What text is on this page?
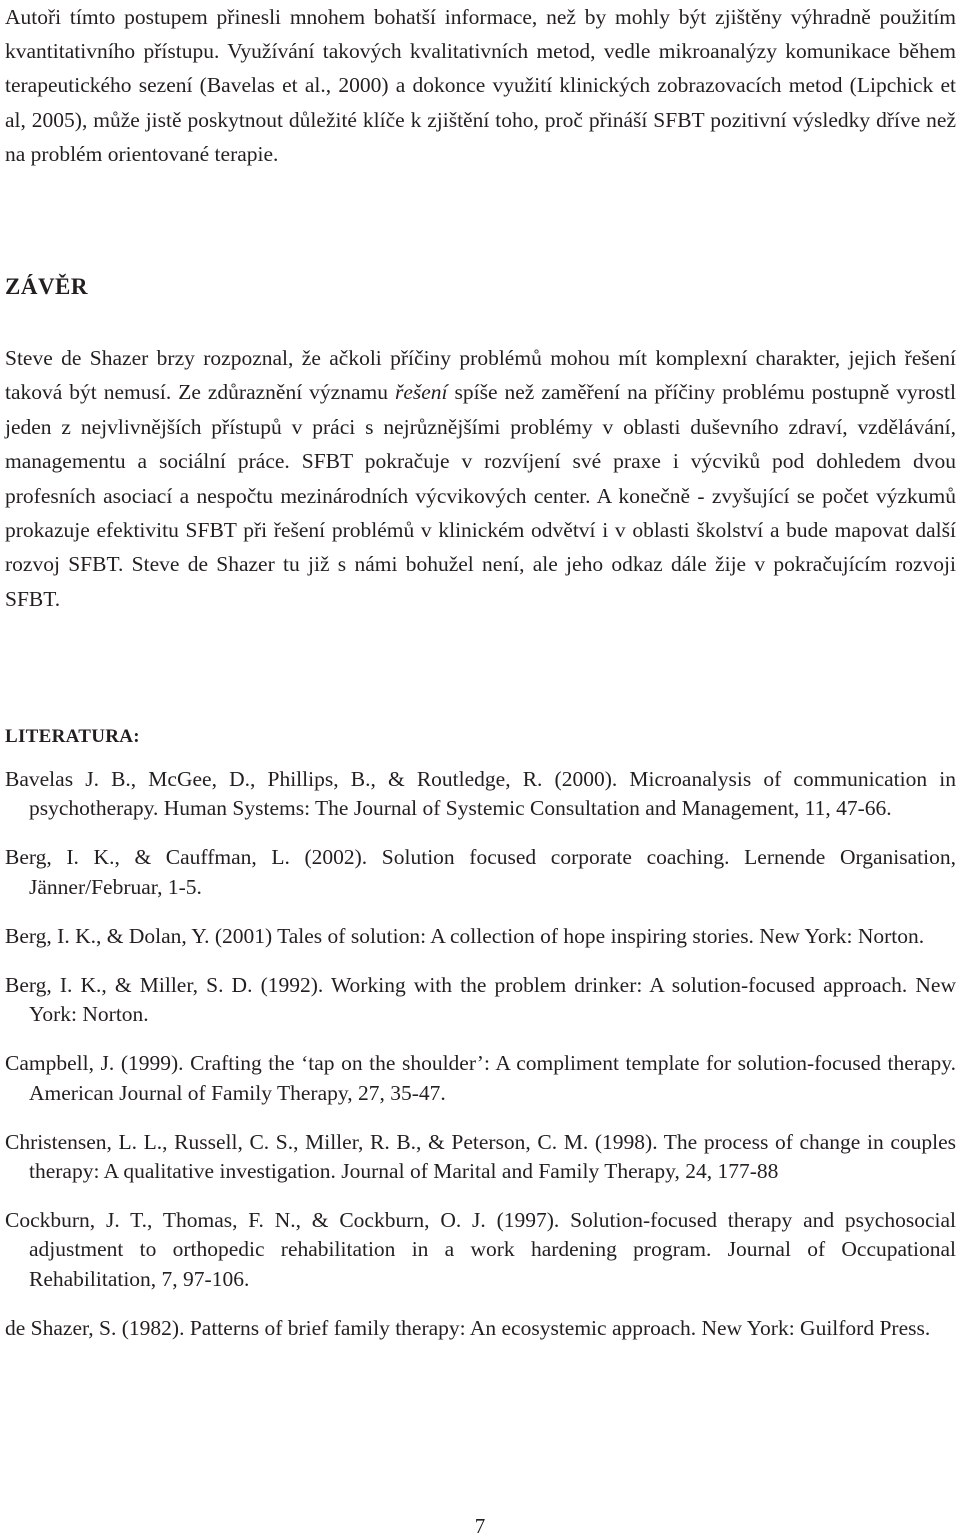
Autoři tímto postupem přinesli mnohem bohatší informace, než by mohly být zjištěny výhradně použitím kvantitativního přístupu. Využívání takových kvalitativních metod, vedle mikroanalýzy komunikace během terapeutického sezení (Bavelas et al., 2000) a dokonce využití klinických zobrazovacích metod (Lipchick et al, 2005), může jistě poskytnout důležité klíče k zjištění toho, proč přináší SFBT pozitivní výsledky dříve než na problém orientované terapie.

ZÁVĚR

Steve de Shazer brzy rozpoznal, že ačkoli příčiny problémů mohou mít komplexní charakter, jejich řešení taková být nemusí. Ze zdůraznění významu řešení spíše než zaměření na příčiny problému postupně vyrostl jeden z nejvlivnějších přístupů v práci s nejrůznějšími problémy v oblasti duševního zdraví, vzdělávání, managementu a sociální práce. SFBT pokračuje v rozvíjení své praxe i výcviků pod dohledem dvou profesních asociací a nespočtu mezinárodních výcvikových center. A konečně - zvyšující se počet výzkumů prokazuje efektivitu SFBT při řešení problémů v klinickém odvětví i v oblasti školství a bude mapovat další rozvoj SFBT. Steve de Shazer tu již s námi bohužel není, ale jeho odkaz dále žije v pokračujícím rozvoji SFBT.

LITERATURA:
Bavelas J. B., McGee, D., Phillips, B., & Routledge, R. (2000). Microanalysis of communication in psychotherapy. Human Systems: The Journal of Systemic Consultation and Management, 11, 47-66.
Berg, I. K., & Cauffman, L. (2002). Solution focused corporate coaching. Lernende Organisation, Jänner/Februar, 1-5.
Berg, I. K., & Dolan, Y. (2001) Tales of solution: A collection of hope inspiring stories. New York: Norton.
Berg, I. K., & Miller, S. D. (1992). Working with the problem drinker: A solution-focused approach. New York: Norton.
Campbell, J. (1999). Crafting the ‘tap on the shoulder’: A compliment template for solution-focused therapy. American Journal of Family Therapy, 27, 35-47.
Christensen, L. L., Russell, C. S., Miller, R. B., & Peterson, C. M. (1998). The process of change in couples therapy: A qualitative investigation. Journal of Marital and Family Therapy, 24, 177-88
Cockburn, J. T., Thomas, F. N., & Cockburn, O. J. (1997). Solution-focused therapy and psychosocial adjustment to orthopedic rehabilitation in a work hardening program. Journal of Occupational Rehabilitation, 7, 97-106.
de Shazer, S. (1982). Patterns of brief family therapy: An ecosystemic approach. New York: Guilford Press.

7
